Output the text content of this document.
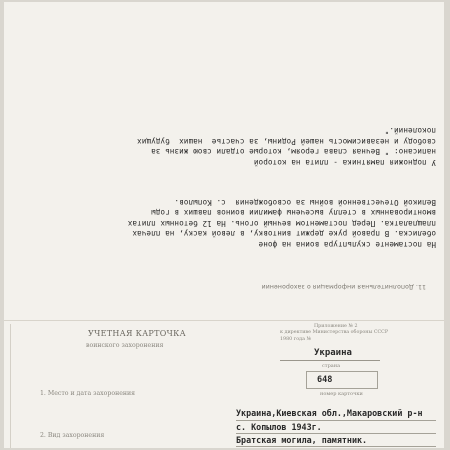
11. Дополнительная информация о захоронении

На постаменте скульптура воина на фоне
обелиска. В правой руке держит винтовку, в левой каску, на плечах
плащпалатка. Перед постаментом вечный огонь. На 12 бетонных плитах
вмонтированных в стеллу высечены фамилии воинов павших в годы
Великой Отечественной войны за освобождения  с. Копылов.

У подножия памятника - плита на которой
написано: " Вечная слава героям, которые отдали свою жизнь за
свободу и независимость нашей Родины, за счастье  наших  будущих
поколений."

УЧЕТНАЯ КАРТОЧКА
воинского захоронения
Приложение № 2
к директиве Министерства обороны СССР
1980 года №
Украина
страна
648
номер карточки
1. Место и дата захоронения
Украина,Киевская обл.,Макаровский р-н
с. Копылов 1943г.
2. Вид захоронения	Братская могила, памятник.
